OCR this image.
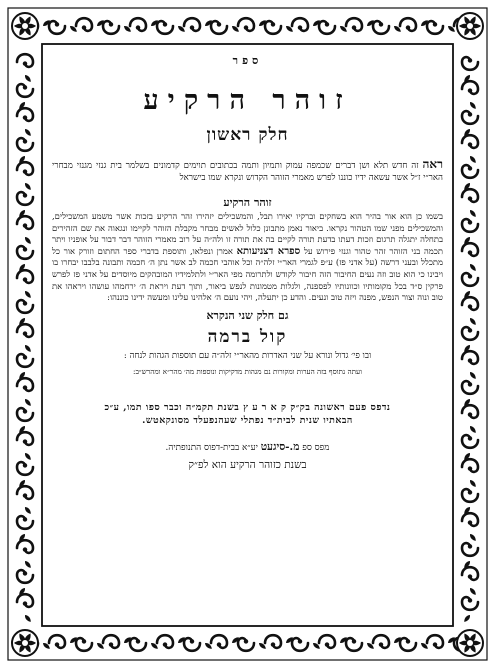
ספר
זוהר הרקיע
חלק ראשון
ראה זה חדש תלא ושן דברים שכמפה עמוק ותמיון ותמה בכתובים תוימים קדמונים בשלמר בית גנזי מגנזי מבחרי האר״י ז״ל אשר עשאה ידיו כוננו לפרש מאמרי הזוהר הקדוש ונקרא שמו בישראל
זוהר הרקיע
בשמו כן הוא אור בהיר הוא בשחקים וברקיו יאירו תבל, והמשכילים יזהירו זהר הרקיע בזכות אשר משמע המשכילים, והמשכילים מפני שמו הטהור נקראו. ביאור נאמן מתבונן כלול לאשים מבחר מקבלת הזוהר לקיימו ונגאוה את שם הזהירים בתחלה יתגלה תרגום וזכות דעתו בדעת תורה לקיים בה את תורה זו ולה״ה על רוב מאמרי הזוהר דבר דבור על אופניו ויתר תכמה בני הזוהר זהר טהור וגנזי פירוש על ספרא דצניעותא אמרן ונפלאו, ותוספת בדברי ספר החתום וזורק אור כל מתכלל ובעני דרשה (על אדני פז) ע״פ לגמרי האר״י זלה״ה וכל אוהבי חכמה לב אשר נתן ה׳ חכמה ותבונה בלבבו יבחרו בו ויבינו כי הוא טוב וזה נעים החיבור הזה חיבור לקודש ולתרומה מפי האר״י ולתלמידיו המובהקים מיוסדים על אדני פז לפרש פרקין ס״ד בכל מקומותיו וכוונותיו לפספנה, ולגלות מטמונות לנפש ביאור, ותוך דעת ויראת ה׳ ירחמהו עושהו ויראהו את טוב ונוה וצור הנפש, מפנה ויזה טוב ונעים. והדע כן יתעלה, ויהי נועם ה׳ אלהינו עלינו ומעשה ידינו כוננהו:
גם חלק שני הנקרא
קול ברמה
ובו פי׳ גדול ונורא על שני האדרות מהאר״י זלה״ה עם תוספות הגהות לנחה :
ועתה נתוסף בזה הערות ומקורות נם מגהות מדקיקות ונוספות מה׳ מהר״א ומהרש״ב:
נדפס פעם ראשונה בק״ק ק א ר ע ץ בשנת תקמ״ה וכבר ספו תמו, ע״כ
הבאתיו שנית לבית״ד נפתלי שעהנפעלד מסונקאטש.
מפס ספ מ.-סיגעט יע״א בבית-דפוס התנופתיה.
בשנת כזוהר הרקיע הוא לפ״ק
